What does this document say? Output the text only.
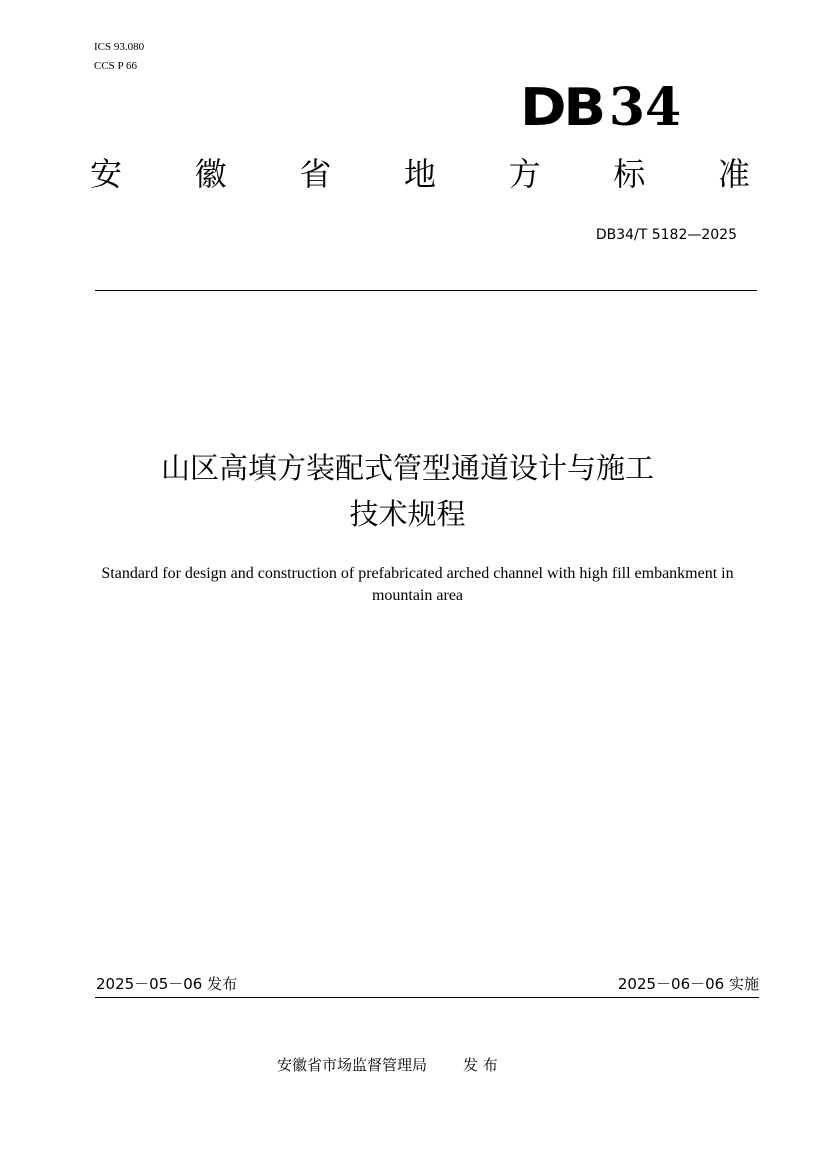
ICS 93.080
CCS P 66
DB 34
安 徽 省 地 方 标 准
DB34/T 5182—2025
山区高填方装配式管型通道设计与施工
技术规程
Standard for design and construction of prefabricated arched channel with high fill embankment in mountain area
2025－05－06 发布	2025－06－06 实施
安徽省市场监督管理局 发 布
